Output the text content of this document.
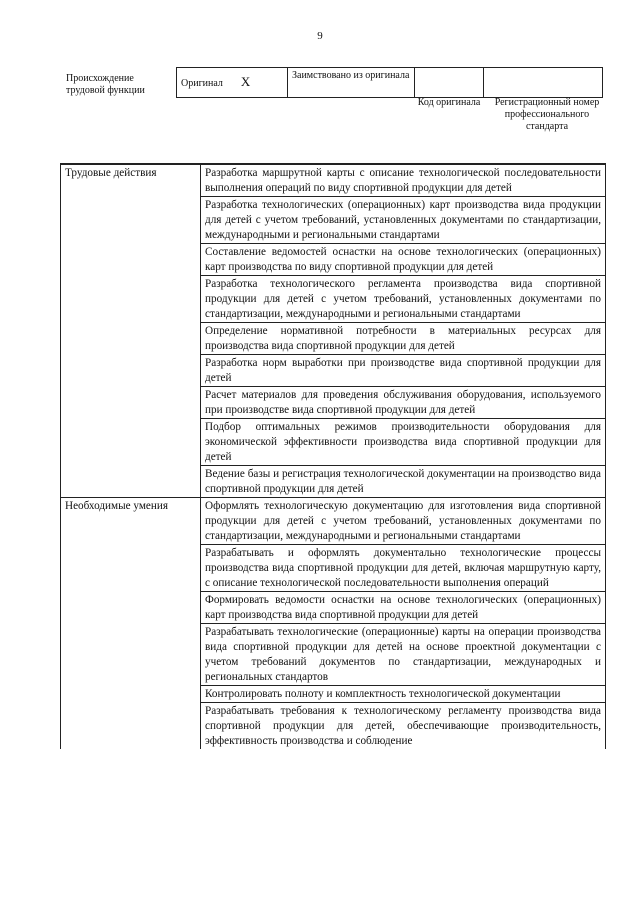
9
Происхождение трудовой функции
Оригинал X	Заимствовано из оригинала		
Код оригинала	Регистрационный номер профессионального стандарта
Трудовые действия	Разработка маршрутной карты с описание технологической последовательности выполнения операций по виду спортивной продукции для детей
	Разработка технологических (операционных) карт производства вида продукции для детей с учетом требований, установленных документами по стандартизации, международными и региональными стандартами
	Составление ведомостей оснастки на основе технологических (операционных) карт производства по виду спортивной продукции для детей
	Разработка технологического регламента производства вида спортивной продукции для детей с учетом требований, установленных документами по стандартизации, международными и региональными стандартами
	Определение нормативной потребности в материальных ресурсах для производства вида спортивной продукции для детей
	Разработка норм выработки при производстве вида спортивной продукции для детей
	Расчет материалов для проведения обслуживания оборудования, используемого при производстве вида спортивной продукции для детей
	Подбор оптимальных режимов производительности оборудования для экономической эффективности производства вида спортивной продукции для детей
	Ведение базы и регистрация технологической документации на производство вида спортивной продукции для детей
Необходимые умения	Оформлять технологическую документацию для изготовления вида спортивной продукции для детей с учетом требований, установленных документами по стандартизации, международными и региональными стандартами
	Разрабатывать и оформлять документально технологические процессы производства вида спортивной продукции для детей, включая маршрутную карту, с описание технологической последовательности выполнения операций
	Формировать ведомости оснастки на основе технологических (операционных) карт производства вида спортивной продукции для детей
	Разрабатывать технологические (операционные) карты на операции производства вида спортивной продукции для детей на основе проектной документации с учетом требований документов по стандартизации, международных и региональных стандартов
	Контролировать полноту и комплектность технологической документации
	Разрабатывать требования к технологическому регламенту производства вида спортивной продукции для детей, обеспечивающие производительность, эффективность производства и соблюдение
